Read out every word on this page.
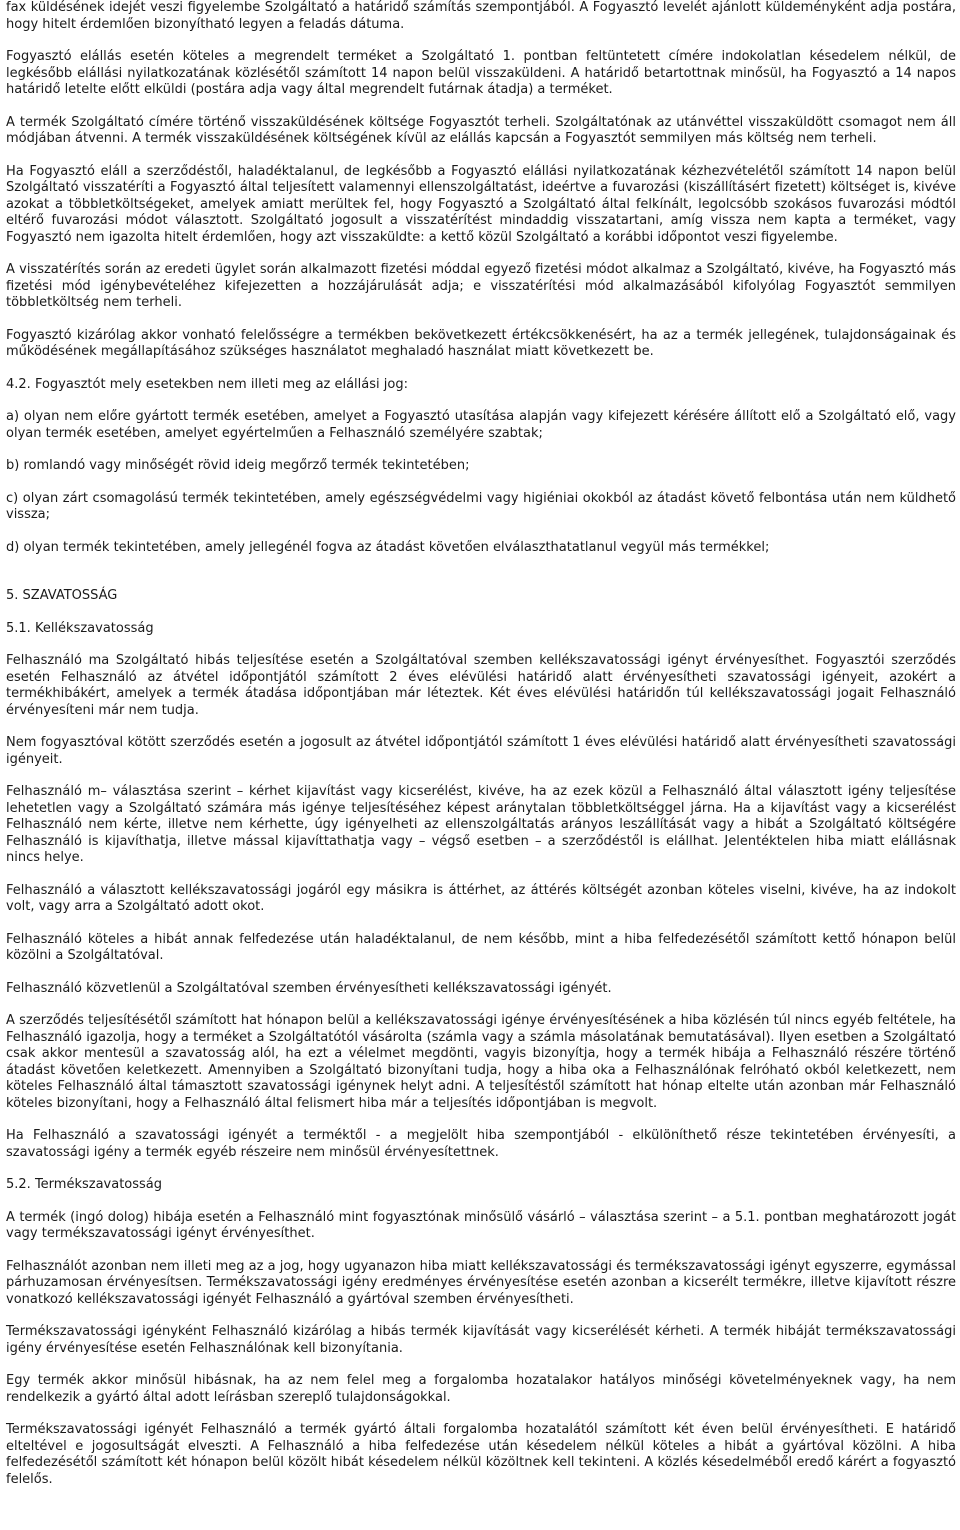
fax küldésének idejét veszi figyelembe Szolgáltató a határidő számítás szempontjából. A Fogyasztó levelét ajánlott küldeményként adja postára, hogy hitelt érdemlően bizonyítható legyen a feladás dátuma.

Fogyasztó elállás esetén köteles a megrendelt terméket a Szolgáltató 1. pontban feltüntetett címére indokolatlan késedelem nélkül, de legkésőbb elállási nyilatkozatának közlésétől számított 14 napon belül visszaküldeni. A határidő betartottnak minősül, ha Fogyasztó a 14 napos határidő letelte előtt elküldi (postára adja vagy által megrendelt futárnak átadja) a terméket.

A termék Szolgáltató címére történő visszaküldésének költsége Fogyasztót terheli. Szolgáltatónak az utánvéttel visszaküldött csomagot nem áll módjában átvenni. A termék visszaküldésének költségének kívül az elállás kapcsán a Fogyasztót semmilyen más költség nem terheli.

Ha Fogyasztó eláll a szerződéstől, haladéktalanul, de legkésőbb a Fogyasztó elállási nyilatkozatának kézhezvételétől számított 14 napon belül Szolgáltató visszatéríti a Fogyasztó által teljesített valamennyi ellenszolgáltatást, ideértve a fuvarozási (kiszállításért fizetett) költséget is, kivéve azokat a többletköltségeket, amelyek amiatt merültek fel, hogy Fogyasztó a Szolgáltató által felkínált, legolcsóbb szokásos fuvarozási módtól eltérő fuvarozási módot választott. Szolgáltató jogosult a visszatérítést mindaddig visszatartani, amíg vissza nem kapta a terméket, vagy Fogyasztó nem igazolta hitelt érdemlően, hogy azt visszaküldte: a kettő közül Szolgáltató a korábbi időpontot veszi figyelembe.

A visszatérítés során az eredeti ügylet során alkalmazott fizetési móddal egyező fizetési módot alkalmaz a Szolgáltató, kivéve, ha Fogyasztó más fizetési mód igénybevételéhez kifejezetten a hozzájárulását adja; e visszatérítési mód alkalmazásából kifolyólag Fogyasztót semmilyen többletköltség nem terheli.

Fogyasztó kizárólag akkor vonható felelősségre a termékben bekövetkezett értékcsökkenésért, ha az a termék jellegének, tulajdonságainak és működésének megállapításához szükséges használatot meghaladó használat miatt következett be.

4.2. Fogyasztót mely esetekben nem illeti meg az elállási jog:

a) olyan nem előre gyártott termék esetében, amelyet a Fogyasztó utasítása alapján vagy kifejezett kérésére állított elő a Szolgáltató elő, vagy olyan termék esetében, amelyet egyértelműen a Felhasználó személyére szabtak;

b) romlandó vagy minőségét rövid ideig megőrző termék tekintetében;

c) olyan zárt csomagolású termék tekintetében, amely egészségvédelmi vagy higiéniai okokból az átadást követő felbontása után nem küldhető vissza;

d) olyan termék tekintetében, amely jellegénél fogva az átadást követően elválaszthatatlanul vegyül más termékkel;

5. SZAVATOSSÁG

5.1. Kellékszavatosság

Felhasználó ma Szolgáltató hibás teljesítése esetén a Szolgáltatóval szemben kellékszavatossági igényt érvényesíthet. Fogyasztói szerződés esetén Felhasználó az átvétel időpontjától számított 2 éves elévülési határidő alatt érvényesítheti szavatossági igényeit, azokért a termékhibákért, amelyek a termék átadása időpontjában már léteztek. Két éves elévülési határidőn túl kellékszavatossági jogait Felhasználó érvényesíteni már nem tudja.

Nem fogyasztóval kötött szerződés esetén a jogosult az átvétel időpontjától számított 1 éves elévülési határidő alatt érvényesítheti szavatossági igényeit.

Felhasználó m– választása szerint – kérhet kijavítást vagy kicserélést, kivéve, ha az ezek közül a Felhasználó által választott igény teljesítése lehetetlen vagy a Szolgáltató számára más igénye teljesítéséhez képest aránytalan többletköltséggel járna. Ha a kijavítást vagy a kicserélést Felhasználó nem kérte, illetve nem kérhette, úgy igényelheti az ellenszolgáltatás arányos leszállítását vagy a hibát a Szolgáltató költségére Felhasználó is kijavíthatja, illetve mással kijavíttathatja vagy – végső esetben – a szerződéstől is elállhat. Jelentéktelen hiba miatt elállásnak nincs helye.

Felhasználó a választott kellékszavatossági jogáról egy másikra is áttérhet, az áttérés költségét azonban köteles viselni, kivéve, ha az indokolt volt, vagy arra a Szolgáltató adott okot.

Felhasználó köteles a hibát annak felfedezése után haladéktalanul, de nem később, mint a hiba felfedezésétől számított kettő hónapon belül közölni a Szolgáltatóval.

Felhasználó közvetlenül a Szolgáltatóval szemben érvényesítheti kellékszavatossági igényét.

A szerződés teljesítésétől számított hat hónapon belül a kellékszavatossági igénye érvényesítésének a hiba közlésén túl nincs egyéb feltétele, ha Felhasználó igazolja, hogy a terméket a Szolgáltatótól vásárolta (számla vagy a számla másolatának bemutatásával). Ilyen esetben a Szolgáltató csak akkor mentesül a szavatosság alól, ha ezt a vélelmet megdönti, vagyis bizonyítja, hogy a termék hibája a Felhasználó részére történő átadást követően keletkezett. Amennyiben a Szolgáltató bizonyítani tudja, hogy a hiba oka a Felhasználónak felróható okból keletkezett, nem köteles Felhasználó által támasztott szavatossági igénynek helyt adni. A teljesítéstől számított hat hónap eltelte után azonban már Felhasználó köteles bizonyítani, hogy a Felhasználó által felismert hiba már a teljesítés időpontjában is megvolt.

Ha Felhasználó a szavatossági igényét a terméktől - a megjelölt hiba szempontjából - elkülöníthető része tekintetében érvényesíti, a szavatossági igény a termék egyéb részeire nem minősül érvényesítettnek.

5.2. Termékszavatosság

A termék (ingó dolog) hibája esetén a Felhasználó mint fogyasztónak minősülő vásárló – választása szerint – a 5.1. pontban meghatározott jogát vagy termékszavatossági igényt érvényesíthet.

Felhasználót azonban nem illeti meg az a jog, hogy ugyanazon hiba miatt kellékszavatossági és termékszavatossági igényt egyszerre, egymással párhuzamosan érvényesítsen. Termékszavatossági igény eredményes érvényesítése esetén azonban a kicserélt termékre, illetve kijavított részre vonatkozó kellékszavatossági igényét Felhasználó a gyártóval szemben érvényesítheti.

Termékszavatossági igényként Felhasználó kizárólag a hibás termék kijavítását vagy kicserélését kérheti. A termék hibáját termékszavatossági igény érvényesítése esetén Felhasználónak kell bizonyítania.

Egy termék akkor minősül hibásnak, ha az nem felel meg a forgalomba hozatalakor hatályos minőségi követelményeknek vagy, ha nem rendelkezik a gyártó által adott leírásban szereplő tulajdonságokkal.

Termékszavatossági igényét Felhasználó a termék gyártó általi forgalomba hozatalától számított két éven belül érvényesítheti. E határidő elteltével e jogosultságát elveszti. A Felhasználó a hiba felfedezése után késedelem nélkül köteles a hibát a gyártóval közölni. A hiba felfedezésétől számított két hónapon belül közölt hibát késedelem nélkül közöltnek kell tekinteni. A közlés késedelméből eredő kárért a fogyasztó felelős.
